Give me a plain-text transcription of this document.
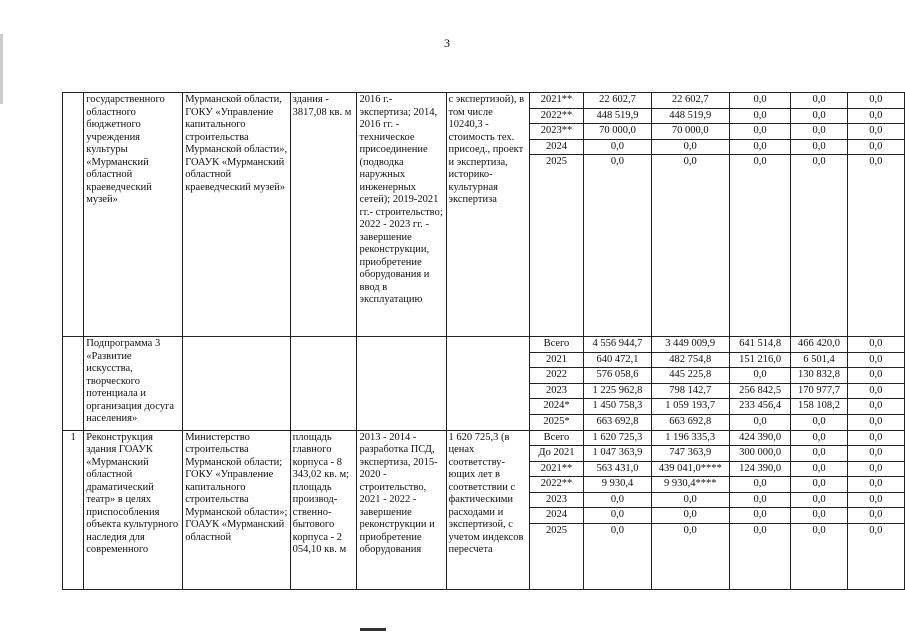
3
	государственного областного бюджетного учреждения культуры «Мурманский областной краеведческий музей»	Мурманской области, ГОКУ «Управление капитального строительства Мурманской области», ГОАУК «Мурманский областной краеведческий музей»	здания - 3817,08 кв. м	2016 г.- экспертиза; 2014, 2016 гг. - техническое присоединение (подводка наружных инженерных сетей); 2019-2021 гг.- строительство; 2022 - 2023 гг. - завершение реконструкции, приобретение оборудования и ввод в эксплуатацию	с экспертизой), в том числе 10240,3 - стоимость тех. присоед., проект и экспертиза, историко-культурная экспертиза	2021**	22 602,7	22 602,7	0,0	0,0	0,0
						2022**	448 519,9	448 519,9	0,0	0,0	0,0
						2023**	70 000,0	70 000,0	0,0	0,0	0,0
						2024	0,0	0,0	0,0	0,0	0,0
						2025	0,0	0,0	0,0	0,0	0,0
	Подпрограмма 3 «Развитие искусства, творческого потенциала и организация досуга населения»					Всего	4 556 944,7	3 449 009,9	641 514,8	466 420,0	0,0
						2021	640 472,1	482 754,8	151 216,0	6 501,4	0,0
						2022	576 058,6	445 225,8	0,0	130 832,8	0,0
						2023	1 225 962,8	798 142,7	256 842,5	170 977,7	0,0
						2024*	1 450 758,3	1 059 193,7	233 456,4	158 108,2	0,0
						2025*	663 692,8	663 692,8	0,0	0,0	0,0
1	Реконструкция здания ГОАУК «Мурманский областной драматический театр» в целях приспособления объекта культурного наследия для современного	Министерство строительства Мурманской области; ГОКУ «Управление капитального строительства Мурманской области»; ГОАУК «Мурманский областной	площадь главного корпуса - 8 343,02 кв. м; площадь производ-ственно-бытового корпуса - 2 054,10 кв. м	2013 - 2014 - разработка ПСД, экспертиза, 2015-2020 - строительство, 2021 - 2022 - завершение реконструкции и приобретение оборудования	1 620 725,3 (в ценах соответству-ющих лет в соответствии с фактическими расходами и экспертизой, с учетом индексов пересчета	Всего	1 620 725,3	1 196 335,3	424 390,0	0,0	0,0
						До 2021	1 047 363,9	747 363,9	300 000,0	0,0	0,0
						2021**	563 431,0	439 041,0****	124 390,0	0,0	0,0
						2022**	9 930,4	9 930,4****	0,0	0,0	0,0
						2023	0,0	0,0	0,0	0,0	0,0
						2024	0,0	0,0	0,0	0,0	0,0
						2025	0,0	0,0	0,0	0,0	0,0
